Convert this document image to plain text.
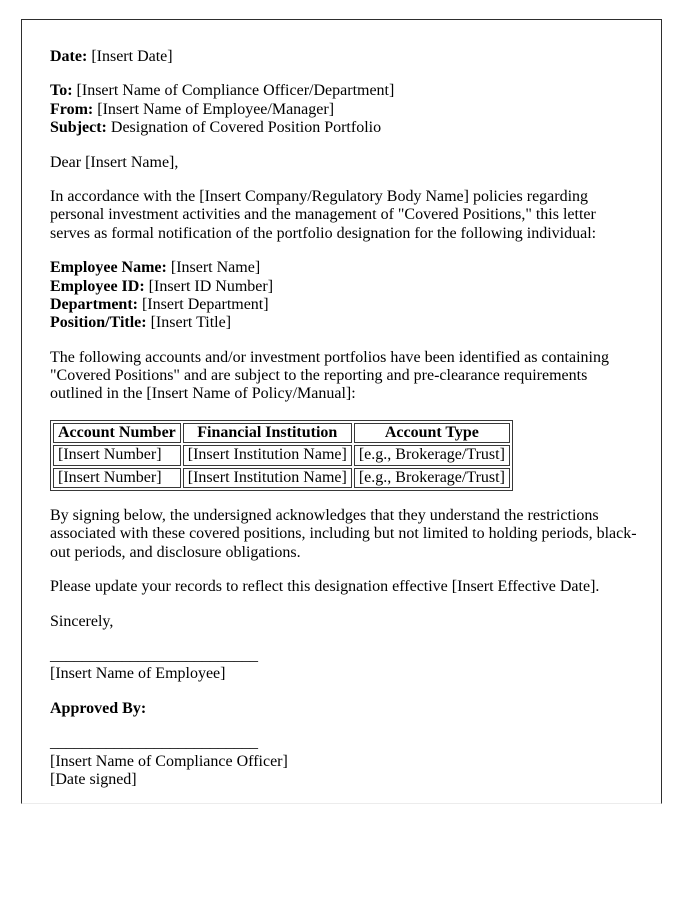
Date: [Insert Date]

To: [Insert Name of Compliance Officer/Department]
From: [Insert Name of Employee/Manager]
Subject: Designation of Covered Position Portfolio

Dear [Insert Name],

In accordance with the [Insert Company/Regulatory Body Name] policies regarding personal investment activities and the management of "Covered Positions," this letter serves as formal notification of the portfolio designation for the following individual:

Employee Name: [Insert Name]
Employee ID: [Insert ID Number]
Department: [Insert Department]
Position/Title: [Insert Title]

The following accounts and/or investment portfolios have been identified as containing "Covered Positions" and are subject to the reporting and pre-clearance requirements outlined in the [Insert Name of Policy/Manual]:

Account Number	Financial Institution	Account Type
[Insert Number]	[Insert Institution Name]	[e.g., Brokerage/Trust]
[Insert Number]	[Insert Institution Name]	[e.g., Brokerage/Trust]

By signing below, the undersigned acknowledges that they understand the restrictions associated with these covered positions, including but not limited to holding periods, black-out periods, and disclosure obligations.

Please update your records to reflect this designation effective [Insert Effective Date].

Sincerely,

__________________________
[Insert Name of Employee]

Approved By:

__________________________
[Insert Name of Compliance Officer]
[Date signed]
